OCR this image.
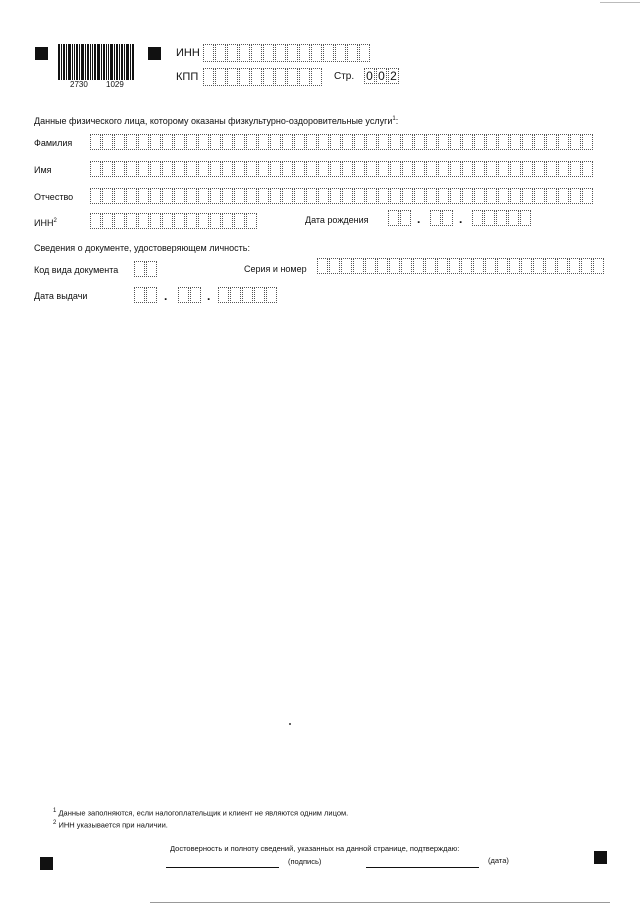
2730 1029
ИНН
КПП	Стр. 0 0 2
Данные физического лица, которому оказаны физкультурно-оздоровительные услуги$^1$:
Фамилия
Имя
Отчество
ИНН$^2$	Дата рождения	.	.
Сведения о документе, удостоверяющем личность:
Код вида документа	Серия и номер
Дата выдачи	.	.
$^1$ Данные заполняются, если налогоплательщик и клиент не являются одним лицом.
$^2$ ИНН указывается при наличии.
Достоверность и полноту сведений, указанных на данной странице, подтверждаю:
(подпись)	(дата)
